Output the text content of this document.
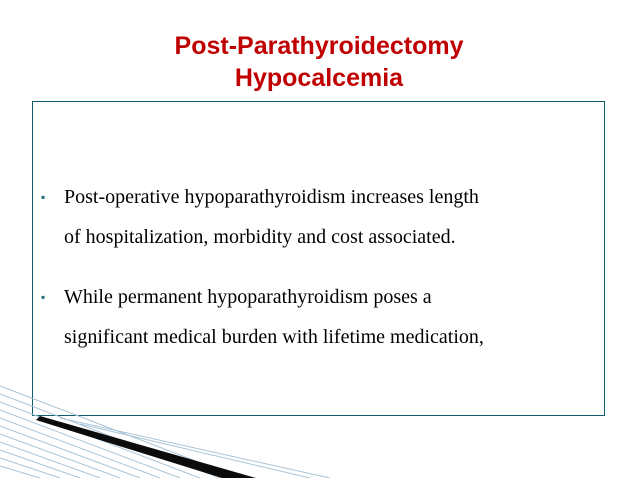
Post-Parathyroidectomy
Hypocalcemia
▪ Post-operative hypoparathyroidism increases length
of hospitalization, morbidity and cost associated.
▪ While permanent hypoparathyroidism poses a
significant medical burden with lifetime medication,
